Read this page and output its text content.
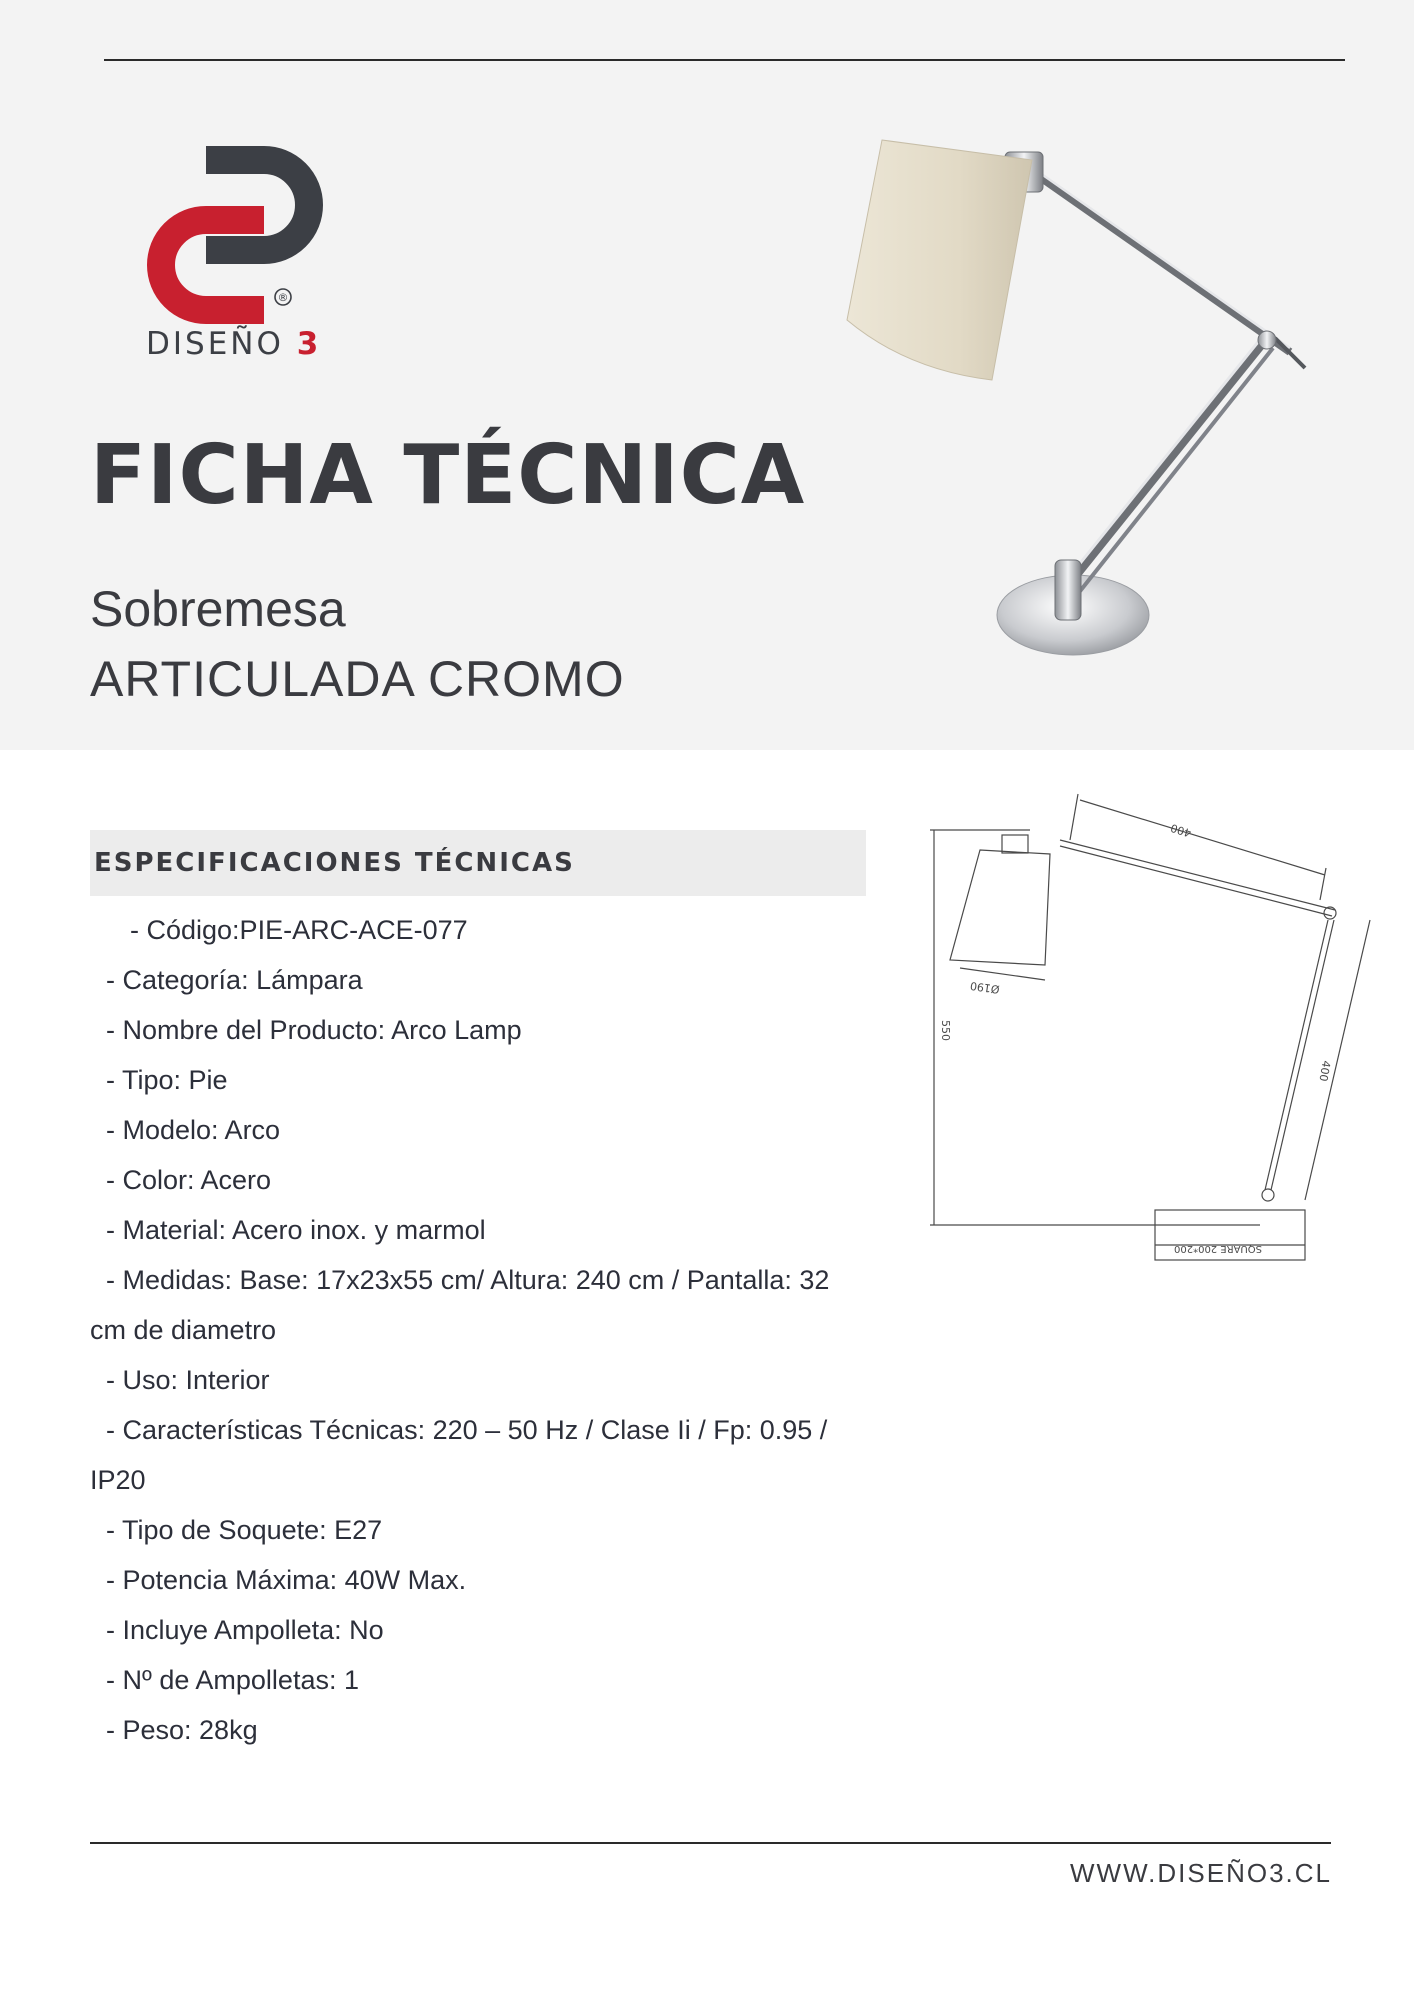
®
DISEÑO 3
FICHA TÉCNICA
Sobremesa
ARTICULADA CROMO
ESPECIFICACIONES TÉCNICAS
- Código:PIE-ARC-ACE-077
- Categoría: Lámpara
- Nombre del Producto: Arco Lamp
- Tipo: Pie
- Modelo: Arco
- Color: Acero
- Material: Acero inox. y marmol
- Medidas: Base: 17x23x55 cm/ Altura: 240 cm / Pantalla: 32
cm de diametro
- Uso: Interior
- Características Técnicas: 220 – 50 Hz / Clase Ii / Fp: 0.95 /
IP20
- Tipo de Soquete: E27
- Potencia Máxima: 40W Max.
- Incluye Ampolleta: No
- Nº de Ampolletas: 1
- Peso: 28kg
400
Ø190
550
400
SQUARE 200*200
WWW.DISEÑO3.CL
